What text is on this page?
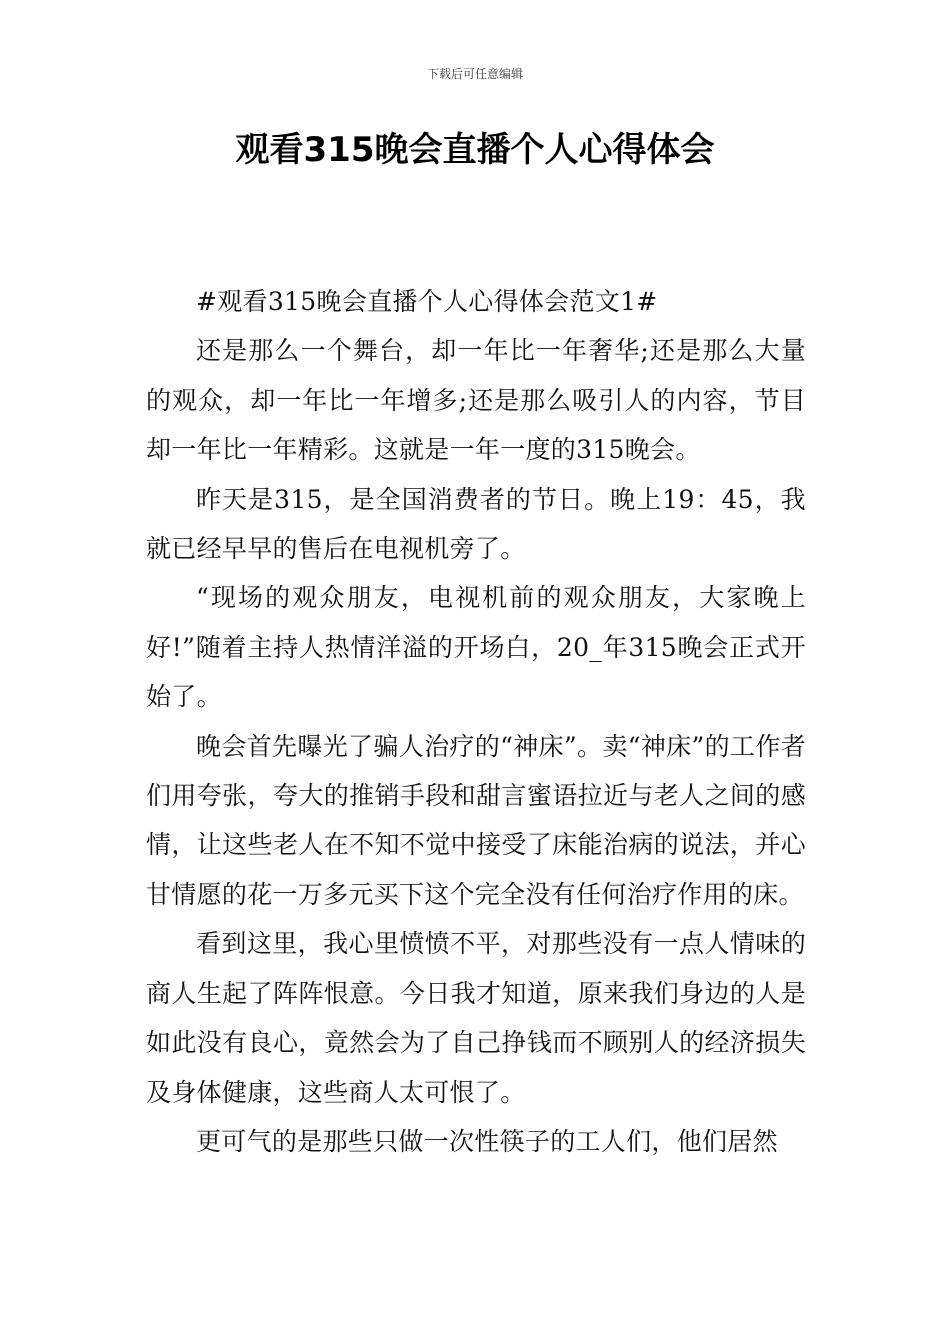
下载后可任意编辑
观看315晚会直播个人心得体会

#观看315晚会直播个人心得体会范文1#

还是那么一个舞台，却一年比一年奢华;还是那么大量的观众，却一年比一年增多;还是那么吸引人的内容，节目却一年比一年精彩。这就是一年一度的315晚会。

昨天是315，是全国消费者的节日。晚上19：45，我就已经早早的售后在电视机旁了。

“现场的观众朋友，电视机前的观众朋友，大家晚上好!”随着主持人热情洋溢的开场白，20_年315晚会正式开始了。

晚会首先曝光了骗人治疗的“神床”。卖“神床”的工作者们用夸张，夸大的推销手段和甜言蜜语拉近与老人之间的感情，让这些老人在不知不觉中接受了床能治病的说法，并心甘情愿的花一万多元买下这个完全没有任何治疗作用的床。

看到这里，我心里愤愤不平，对那些没有一点人情味的商人生起了阵阵恨意。今日我才知道，原来我们身边的人是如此没有良心，竟然会为了自己挣钱而不顾别人的经济损失及身体健康，这些商人太可恨了。

更可气的是那些只做一次性筷子的工人们，他们居然
